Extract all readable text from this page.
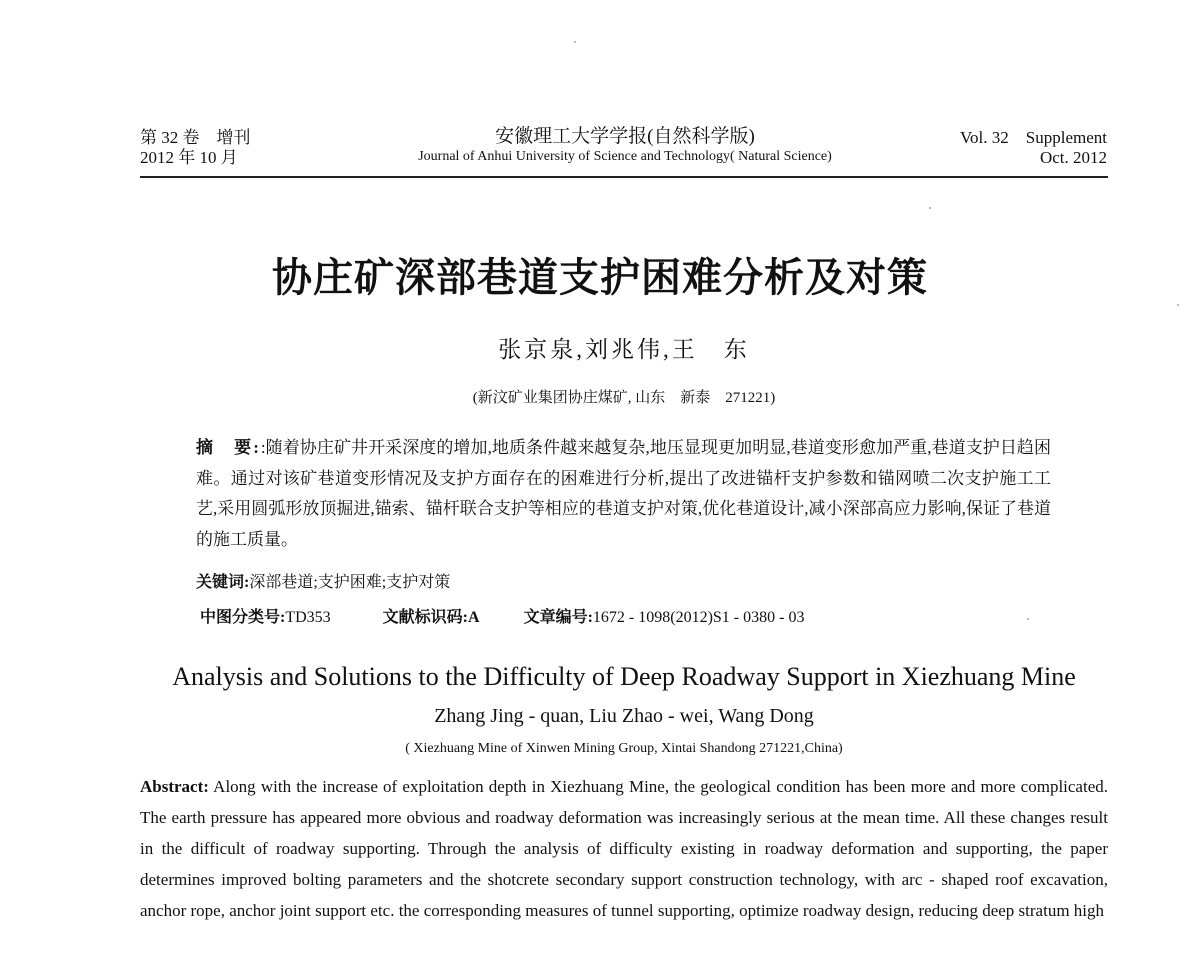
第 32 卷　增刊
2012 年 10 月
安徽理工大学学报(自然科学版)
Journal of Anhui University of Science and Technology( Natural Science)
Vol. 32　Supplement
Oct. 2012
协庄矿深部巷道支护困难分析及对策
张京泉,刘兆伟,王　东
(新汶矿业集团协庄煤矿, 山东　新泰　271221)
摘　要::随着协庄矿井开采深度的增加,地质条件越来越复杂,地压显现更加明显,巷道变形愈加严重,巷道支护日趋困难。通过对该矿巷道变形情况及支护方面存在的困难进行分析,提出了改进锚杆支护参数和锚网喷二次支护施工工艺,采用圆弧形放顶掘进,锚索、锚杆联合支护等相应的巷道支护对策,优化巷道设计,减小深部高应力影响,保证了巷道的施工质量。
关键词:深部巷道;支护困难;支护对策
中图分类号:TD353	文献标识码:A	文章编号:1672 - 1098(2012)S1 - 0380 - 03
Analysis and Solutions to the Difficulty of Deep Roadway Support in Xiezhuang Mine
Zhang Jing - quan, Liu Zhao - wei, Wang Dong
( Xiezhuang Mine of Xinwen Mining Group, Xintai Shandong 271221,China)
Abstract: Along with the increase of exploitation depth in Xiezhuang Mine, the geological condition has been more and more complicated. The earth pressure has appeared more obvious and roadway deformation was increasingly serious at the mean time. All these changes result in the difficult of roadway supporting. Through the analysis of difficulty existing in roadway deformation and supporting, the paper determines improved bolting parameters and the shotcrete secondary support construction technology, with arc - shaped roof excavation, anchor rope, anchor joint support etc. the corresponding measures of tunnel supporting, optimize roadway design, reducing deep stratum high
